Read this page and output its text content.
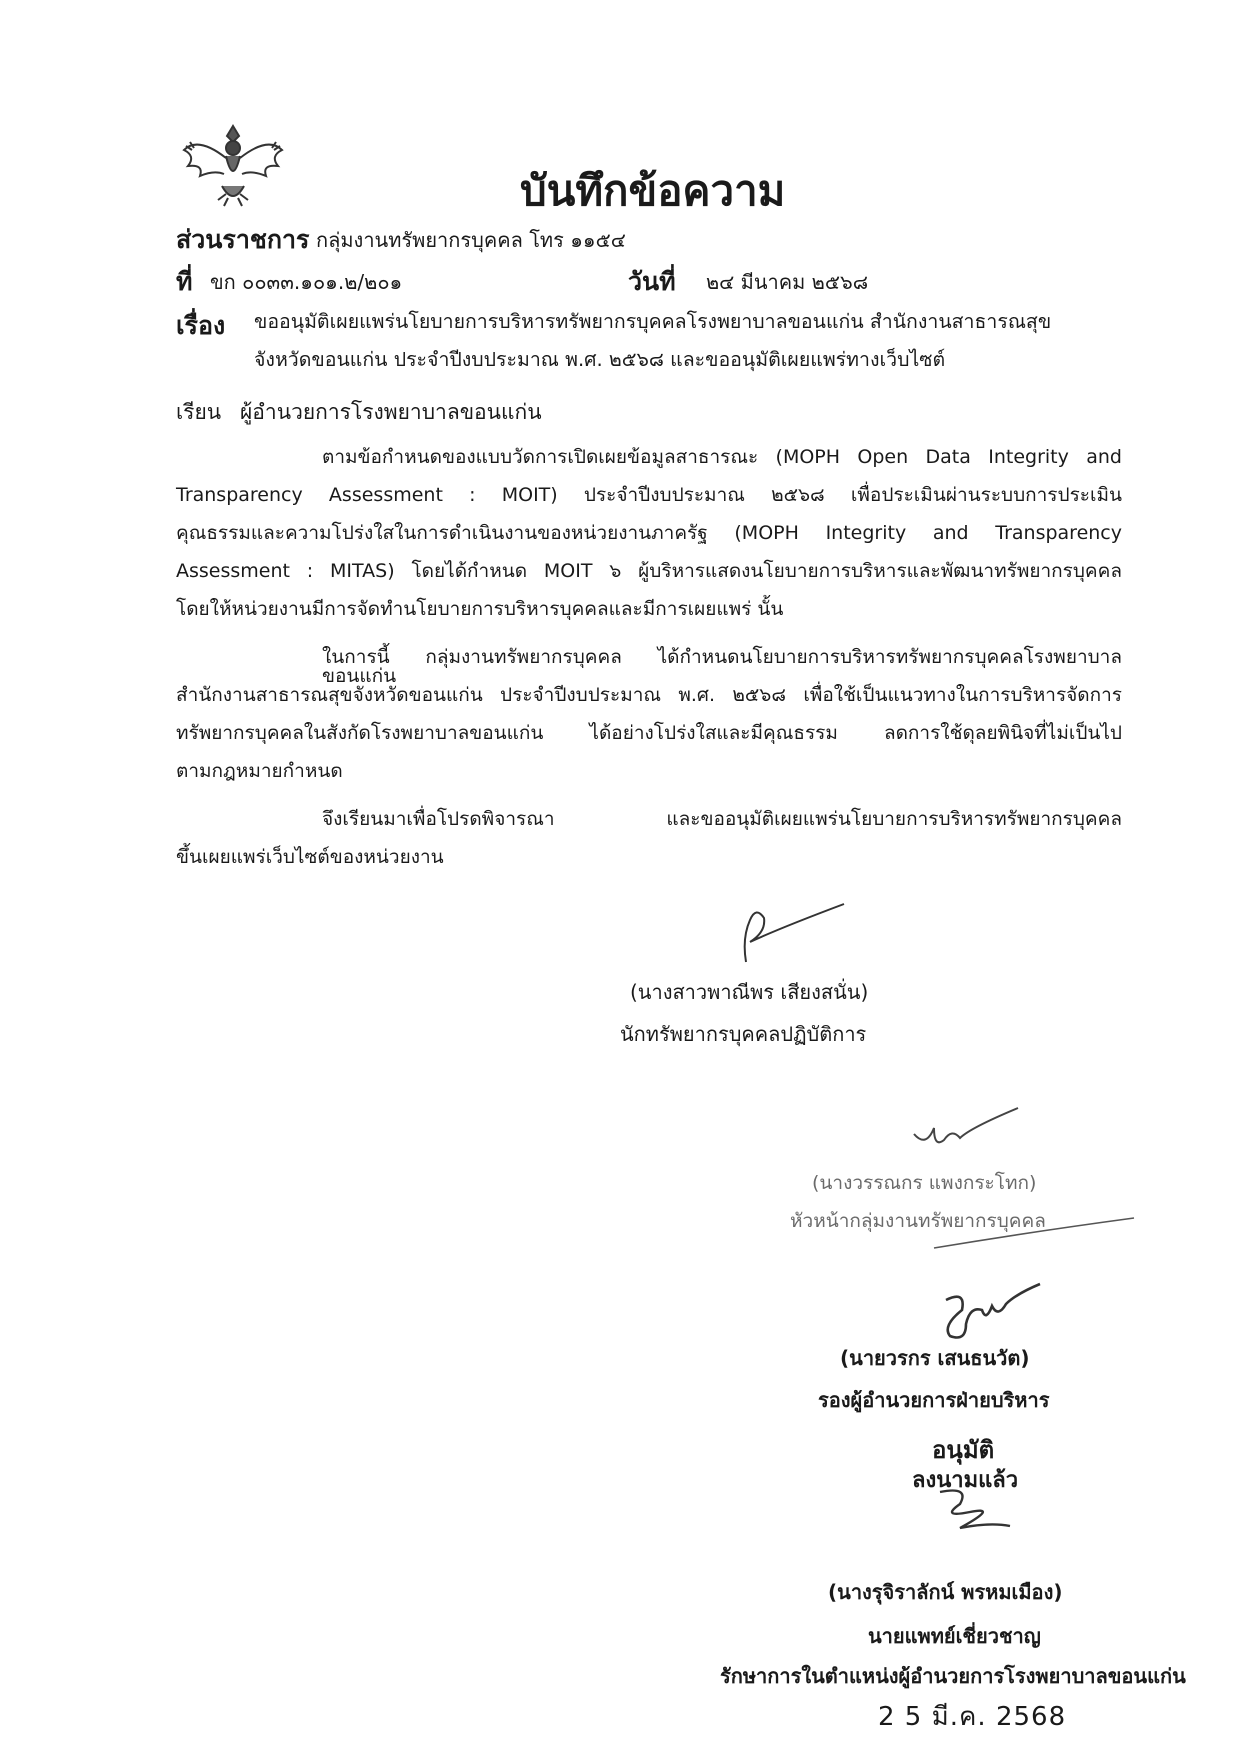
บันทึกข้อความ
ส่วนราชการ กลุ่มงานทรัพยากรบุคคล โทร ๑๑๕๔
ที่ ขก ๐๐๓๓.๑๐๑.๒/๒๐๑	วันที่ ๒๔ มีนาคม ๒๕๖๘
เรื่อง ขออนุมัติเผยแพร่นโยบายการบริหารทรัพยากรบุคคลโรงพยาบาลขอนแก่น สำนักงานสาธารณสุข
จังหวัดขอนแก่น ประจำปีงบประมาณ พ.ศ. ๒๕๖๘ และขออนุมัติเผยแพร่ทางเว็บไซต์
เรียน ผู้อำนวยการโรงพยาบาลขอนแก่น
ตามข้อกำหนดของแบบวัดการเปิดเผยข้อมูลสาธารณะ (MOPH Open Data Integrity and
Transparency Assessment : MOIT) ประจำปีงบประมาณ ๒๕๖๘ เพื่อประเมินผ่านระบบการประเมิน
คุณธรรมและความโปร่งใสในการดำเนินงานของหน่วยงานภาครัฐ (MOPH Integrity and Transparency
Assessment : MITAS) โดยได้กำหนด MOIT ๖ ผู้บริหารแสดงนโยบายการบริหารและพัฒนาทรัพยากรบุคคล
โดยให้หน่วยงานมีการจัดทำนโยบายการบริหารบุคคลและมีการเผยแพร่ นั้น
ในการนี้ กลุ่มงานทรัพยากรบุคคล ได้กำหนดนโยบายการบริหารทรัพยากรบุคคลโรงพยาบาลขอนแก่น
สำนักงานสาธารณสุขจังหวัดขอนแก่น ประจำปีงบประมาณ พ.ศ. ๒๕๖๘ เพื่อใช้เป็นแนวทางในการบริหารจัดการ
ทรัพยากรบุคคลในสังกัดโรงพยาบาลขอนแก่น ได้อย่างโปร่งใสและมีคุณธรรม ลดการใช้ดุลยพินิจที่ไม่เป็นไป
ตามกฎหมายกำหนด
จึงเรียนมาเพื่อโปรดพิจารณา และขออนุมัติเผยแพร่นโยบายการบริหารทรัพยากรบุคคล
ขึ้นเผยแพร่เว็บไซต์ของหน่วยงาน
(นางสาวพาณีพร เสียงสนั่น)
นักทรัพยากรบุคคลปฏิบัติการ
(นางวรรณกร แพงกระโทก)
หัวหน้ากลุ่มงานทรัพยากรบุคคล
(นายวรกร เสนธนวัต)
รองผู้อำนวยการฝ่ายบริหาร
อนุมัติ
ลงนามแล้ว
(นางรุจิราลักน์ พรหมเมือง)
นายแพทย์เชี่ยวชาญ
รักษาการในตำแหน่งผู้อำนวยการโรงพยาบาลขอนแก่น
2 5 มี.ค. 2568
